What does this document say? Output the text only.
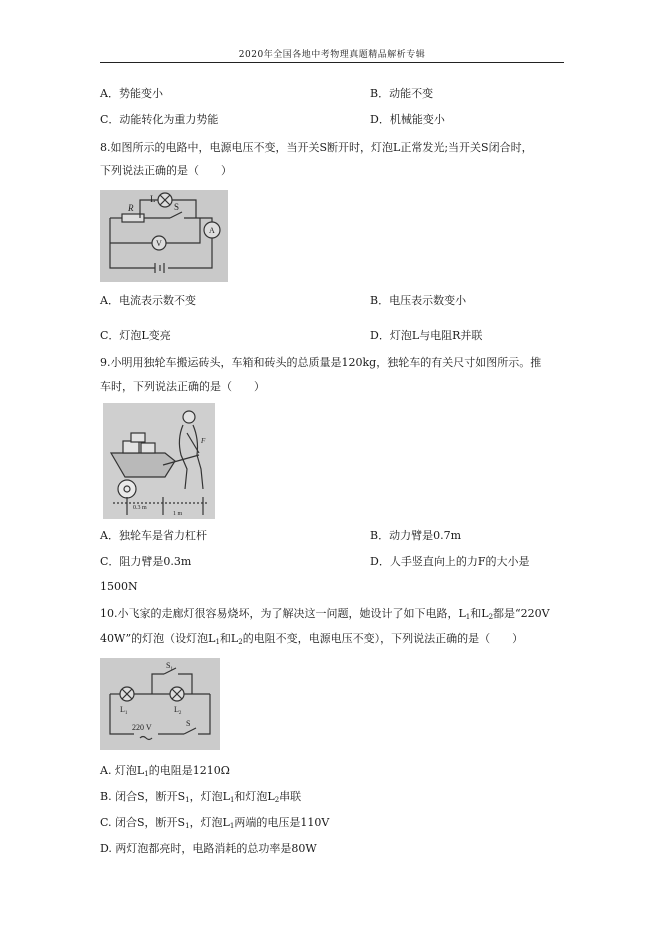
2020年全国各地中考物理真题精品解析专辑
A．势能变小	B．动能不变
C．动能转化为重力势能	D．机械能变小
8.如图所示的电路中，电源电压不变，当开关S断开时，灯泡L正常发光;当开关S闭合时，
下列说法正确的是（　　）
R
L
S
V
A
A．电流表示数不变	B．电压表示数变小
C．灯泡L变亮	D．灯泡L与电阻R并联
9.小明用独轮车搬运砖头，车箱和砖头的总质量是120kg，独轮车的有关尺寸如图所示。推
车时，下列说法正确的是（　　）
0.3 m
1 m
F
A．独轮车是省力杠杆	B．动力臂是0.7m
C．阻力臂是0.3m	D．人手竖直向上的力F的大小是
1500N
10.小飞家的走廊灯很容易烧坏，为了解决这一问题，她设计了如下电路，$L_1$和$L_2$都是“220V
40W”的灯泡（设灯泡$L_1$和$L_2$的电阻不变，电源电压不变），下列说法正确的是（　　）
$S_1$
$L_1$	$L_2$
220 V	S
A. 灯泡$L_1$的电阻是1210Ω
B. 闭合S，断开$S_1$，灯泡$L_1$和灯泡$L_2$串联
C. 闭合S，断开$S_1$，灯泡$L_1$两端的电压是110V
D. 两灯泡都亮时，电路消耗的总功率是80W
